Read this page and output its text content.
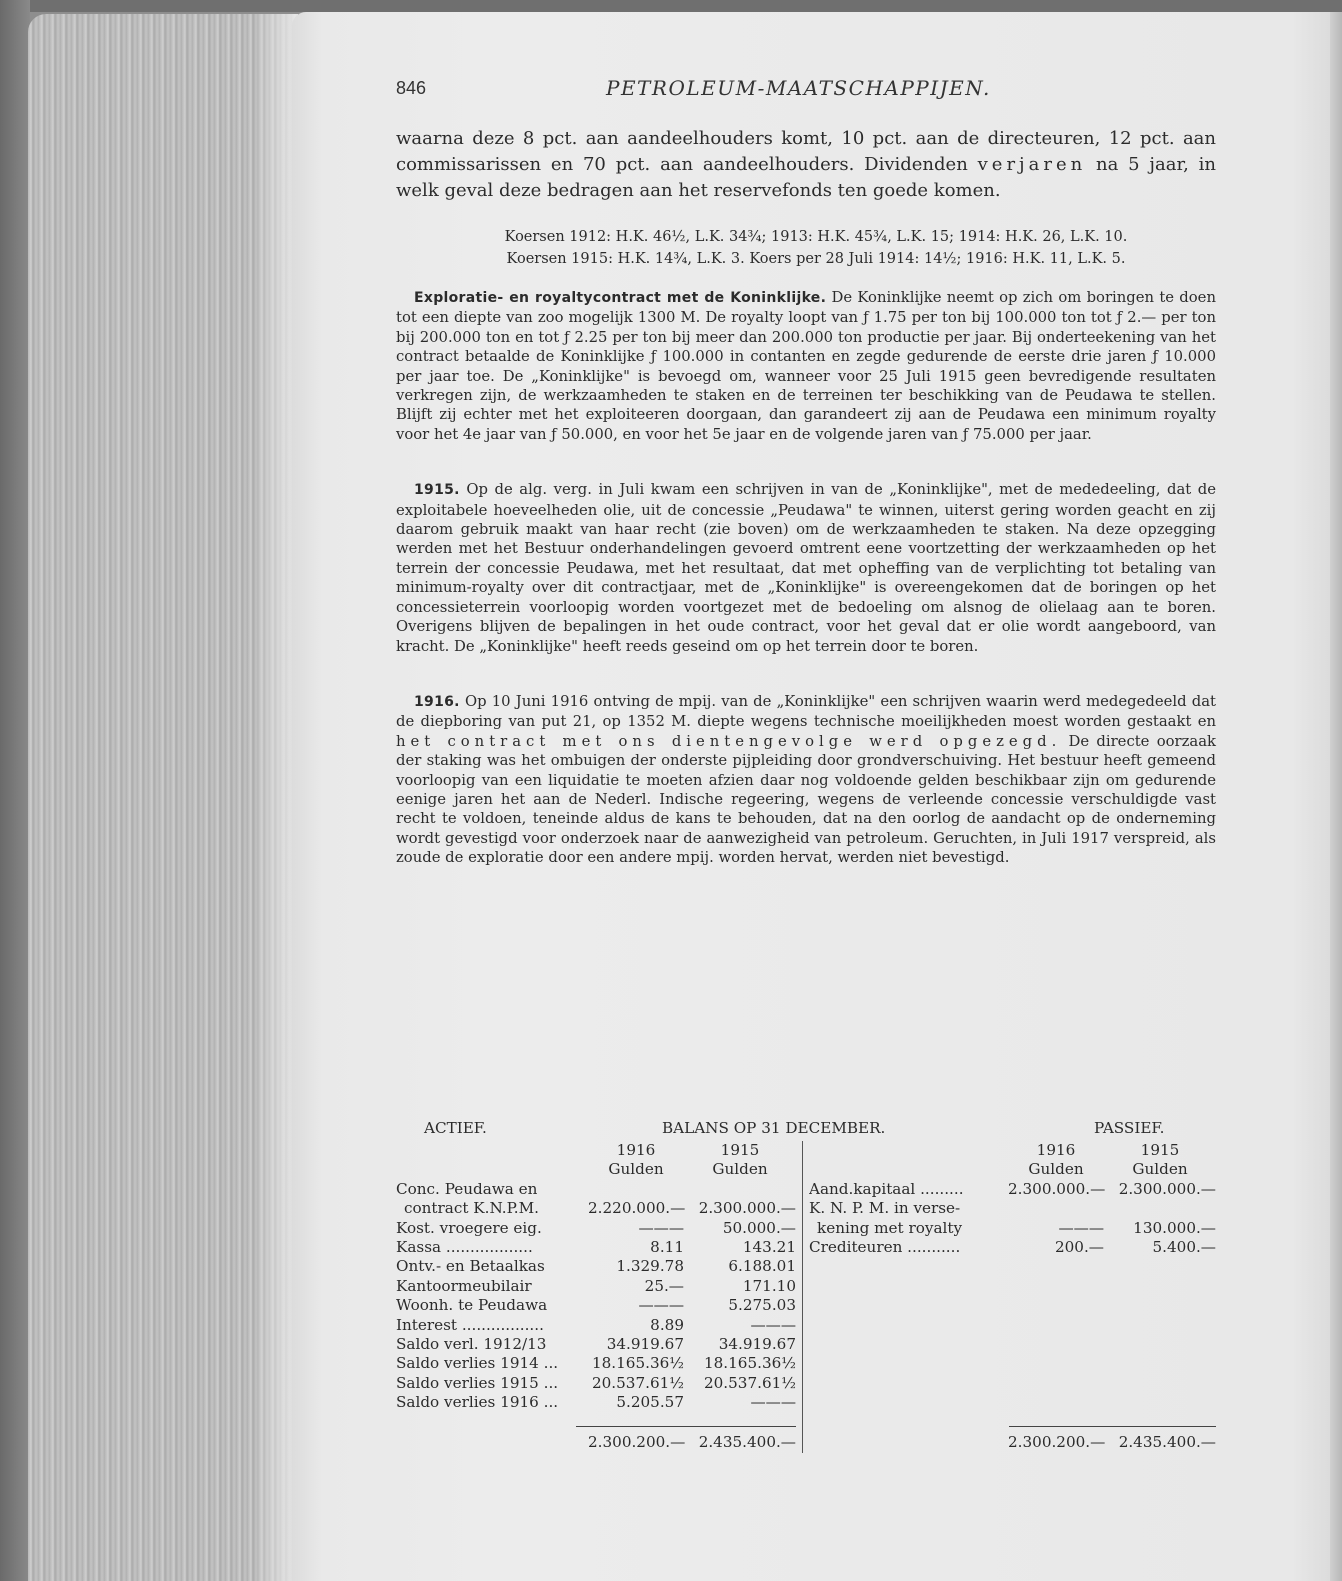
846	PETROLEUM-MAATSCHAPPIJEN.

waarna deze 8 pct. aan aandeelhouders komt, 10 pct. aan de directeuren, 12 pct. aan commissarissen en 70 pct. aan aandeelhouders. Dividenden verjaren na 5 jaar, in welk geval deze bedragen aan het reservefonds ten goede komen.

Koersen 1912: H.K. 46½, L.K. 34¾; 1913: H.K. 45¾, L.K. 15; 1914: H.K. 26, L.K. 10.
Koersen 1915: H.K. 14¾, L.K. 3. Koers per 28 Juli 1914: 14½; 1916: H.K. 11, L.K. 5.

Exploratie- en royaltycontract met de Koninklijke. De Koninklijke neemt op zich om boringen te doen tot een diepte van zoo mogelijk 1300 M. De royalty loopt van ƒ 1.75 per ton bij 100.000 ton tot ƒ 2.— per ton bij 200.000 ton en tot ƒ 2.25 per ton bij meer dan 200.000 ton productie per jaar. Bij onderteekening van het contract betaalde de Koninklijke ƒ 100.000 in contanten en zegde gedurende de eerste drie jaren ƒ 10.000 per jaar toe. De „Koninklijke" is bevoegd om, wanneer voor 25 Juli 1915 geen bevredigende resultaten verkregen zijn, de werkzaamheden te staken en de terreinen ter beschikking van de Peudawa te stellen. Blijft zij echter met het exploiteeren doorgaan, dan garandeert zij aan de Peudawa een minimum royalty voor het 4e jaar van ƒ 50.000, en voor het 5e jaar en de volgende jaren van ƒ 75.000 per jaar.

1915. Op de alg. verg. in Juli kwam een schrijven in van de „Koninklijke", met de mededeeling, dat de exploitabele hoeveelheden olie, uit de concessie „Peudawa" te winnen, uiterst gering worden geacht en zij daarom gebruik maakt van haar recht (zie boven) om de werkzaamheden te staken. Na deze opzegging werden met het Bestuur onderhandelingen gevoerd omtrent eene voortzetting der werkzaamheden op het terrein der concessie Peudawa, met het resultaat, dat met opheffing van de verplichting tot betaling van minimum-royalty over dit contractjaar, met de „Koninklijke" is overeengekomen dat de boringen op het concessieterrein voorloopig worden voortgezet met de bedoeling om alsnog de olielaag aan te boren. Overigens blijven de bepalingen in het oude contract, voor het geval dat er olie wordt aangeboord, van kracht. De „Koninklijke" heeft reeds geseind om op het terrein door te boren.

1916. Op 10 Juni 1916 ontving de mpij. van de „Koninklijke" een schrijven waarin werd medegedeeld dat de diepboring van put 21, op 1352 M. diepte wegens technische moeilijkheden moest worden gestaakt en het contract met ons dientengevolge werd opgezegd. De directe oorzaak der staking was het ombuigen der onderste pijpleiding door grondverschuiving. Het bestuur heeft gemeend voorloopig van een liquidatie te moeten afzien daar nog voldoende gelden beschikbaar zijn om gedurende eenige jaren het aan de Nederl. Indische regeering, wegens de verleende concessie verschuldigde vast recht te voldoen, teneinde aldus de kans te behouden, dat na den oorlog de aandacht op de onderneming wordt gevestigd voor onderzoek naar de aanwezigheid van petroleum. Geruchten, in Juli 1917 verspreid, als zoude de exploratie door een andere mpij. worden hervat, werden niet bevestigd.

ACTIEF.	BALANS OP 31 DECEMBER.	PASSIEF.
1916	1915
Gulden	Gulden
Conc. Peudawa en
contract K.N.P.M.	2.220.000.— 2.300.000.—
Kost. vroegere eig.	———	50.000.—
Kassa ..................	8.11	143.21
Ontv.- en Betaalkas	1.329.78	6.188.01
Kantoormeubilair	25.—	171.10
Woonh. te Peudawa	———	5.275.03
Interest .................	8.89	———
Saldo verl. 1912/13	34.919.67	34.919.67
Saldo verlies 1914 ...	18.165.36½	18.165.36½
Saldo verlies 1915 ...	20.537.61½	20.537.61½
Saldo verlies 1916 ...	5.205.57	———
2.300.200.— 2.435.400.—
1916	1915
Gulden	Gulden
Aand.kapitaal .........	2.300.000.— 2.300.000.—
K. N. P. M. in verse-
kening met royalty	———	130.000.—
Crediteuren ...........	200.—	5.400.—
2.300.200.— 2.435.400.—
